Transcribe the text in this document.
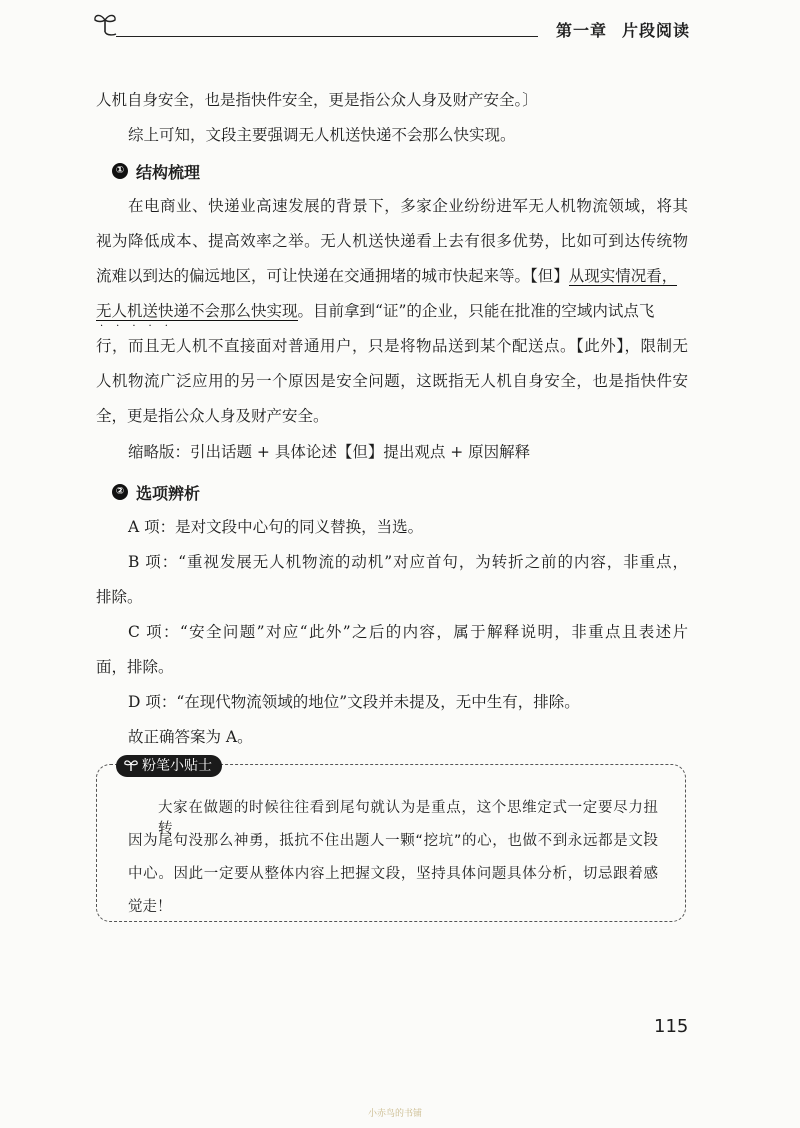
第一章 片段阅读
人机自身安全，也是指快件安全，更是指公众人身及财产安全。〕
综上可知，文段主要强调无人机送快递不会那么快实现。
① 结构梳理
在电商业、快递业高速发展的背景下，多家企业纷纷进军无人机物流领域，将其
视为降低成本、提高效率之举。无人机送快递看上去有很多优势，比如可到达传统物
流难以到达的偏远地区，可让快递在交通拥堵的城市快起来等。【但】从现实情况看，
无人机送快递不会那么快实现。目前拿到“证”的企业，只能在批准的空域内试点飞
·····
行，而且无人机不直接面对普通用户，只是将物品送到某个配送点。【此外】，限制无
人机物流广泛应用的另一个原因是安全问题，这既指无人机自身安全，也是指快件安
全，更是指公众人身及财产安全。
缩略版：引出话题 + 具体论述【但】提出观点 + 原因解释
② 选项辨析
A 项：是对文段中心句的同义替换，当选。
B 项：“重视发展无人机物流的动机”对应首句，为转折之前的内容，非重点，
排除。
C 项：“安全问题”对应“此外”之后的内容，属于解释说明，非重点且表述片
面，排除。
D 项：“在现代物流领域的地位”文段并未提及，无中生有，排除。
故正确答案为 A。
粉笔小贴士
大家在做题的时候往往看到尾句就认为是重点，这个思维定式一定要尽力扭转，
因为尾句没那么神勇，抵抗不住出题人一颗“挖坑”的心，也做不到永远都是文段
中心。因此一定要从整体内容上把握文段，坚持具体问题具体分析，切忌跟着感
觉走！
115
小赤鸟的书铺
